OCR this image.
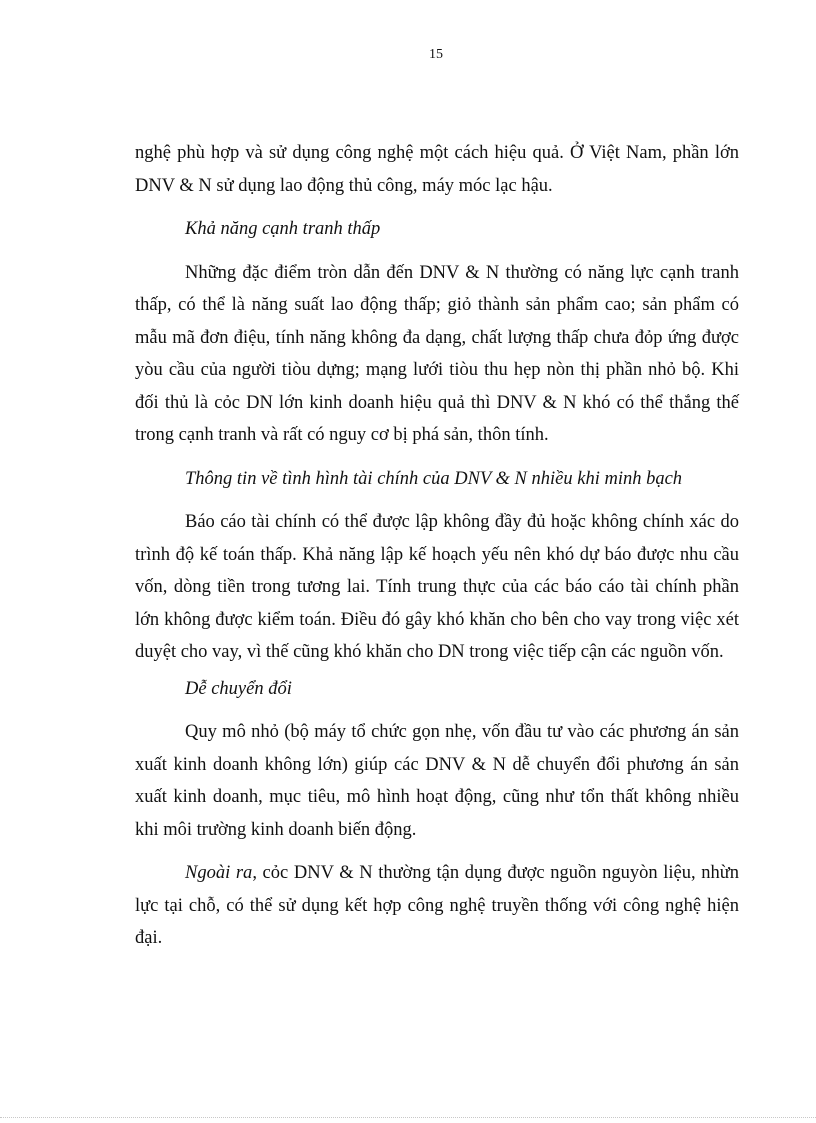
15

nghệ phù hợp và sử dụng công nghệ một cách hiệu quả. Ở Việt Nam, phần lớn DNV & N sử dụng lao động thủ công, máy móc lạc hậu.

Khả năng cạnh tranh thấp

Những đặc điểm tròn dẫn đến DNV & N thường có năng lực cạnh tranh thấp, có thể là năng suất lao động thấp; giỏ thành sản phẩm cao; sản phẩm có mẫu mã đơn điệu, tính năng không đa dạng, chất lượng thấp chưa đỏp ứng được yòu cầu của người tiòu dựng; mạng lưới tiòu thu hẹp nòn thị phần nhỏ bộ. Khi đối thủ là cỏc DN lớn kinh doanh hiệu quả thì DNV & N khó có thể thắng thế trong cạnh tranh và rất có nguy cơ bị phá sản, thôn tính.

Thông tin về tình hình tài chính của DNV & N nhiều khi minh bạch

Báo cáo tài chính có thể được lập không đầy đủ hoặc không chính xác do trình độ kế toán thấp. Khả năng lập kế hoạch yếu nên khó dự báo được nhu cầu vốn, dòng tiền trong tương lai. Tính trung thực của các báo cáo tài chính phần lớn không được kiểm toán. Điều đó gây khó khăn cho bên cho vay trong việc xét duyệt cho vay, vì thế cũng khó khăn cho DN trong việc tiếp cận các nguồn vốn.

Dễ chuyển đổi

Quy mô nhỏ (bộ máy tổ chức gọn nhẹ, vốn đầu tư vào các phương án sản xuất kinh doanh không lớn) giúp các DNV & N dễ chuyển đổi phương án sản xuất kinh doanh, mục tiêu, mô hình hoạt động, cũng như tổn thất không nhiều khi môi trường kinh doanh biến động.

Ngoài ra, cỏc DNV & N thường tận dụng được nguồn nguyòn liệu, nhừn lực tại chỗ, có thể sử dụng kết hợp công nghệ truyền thống với công nghệ hiện đại.
